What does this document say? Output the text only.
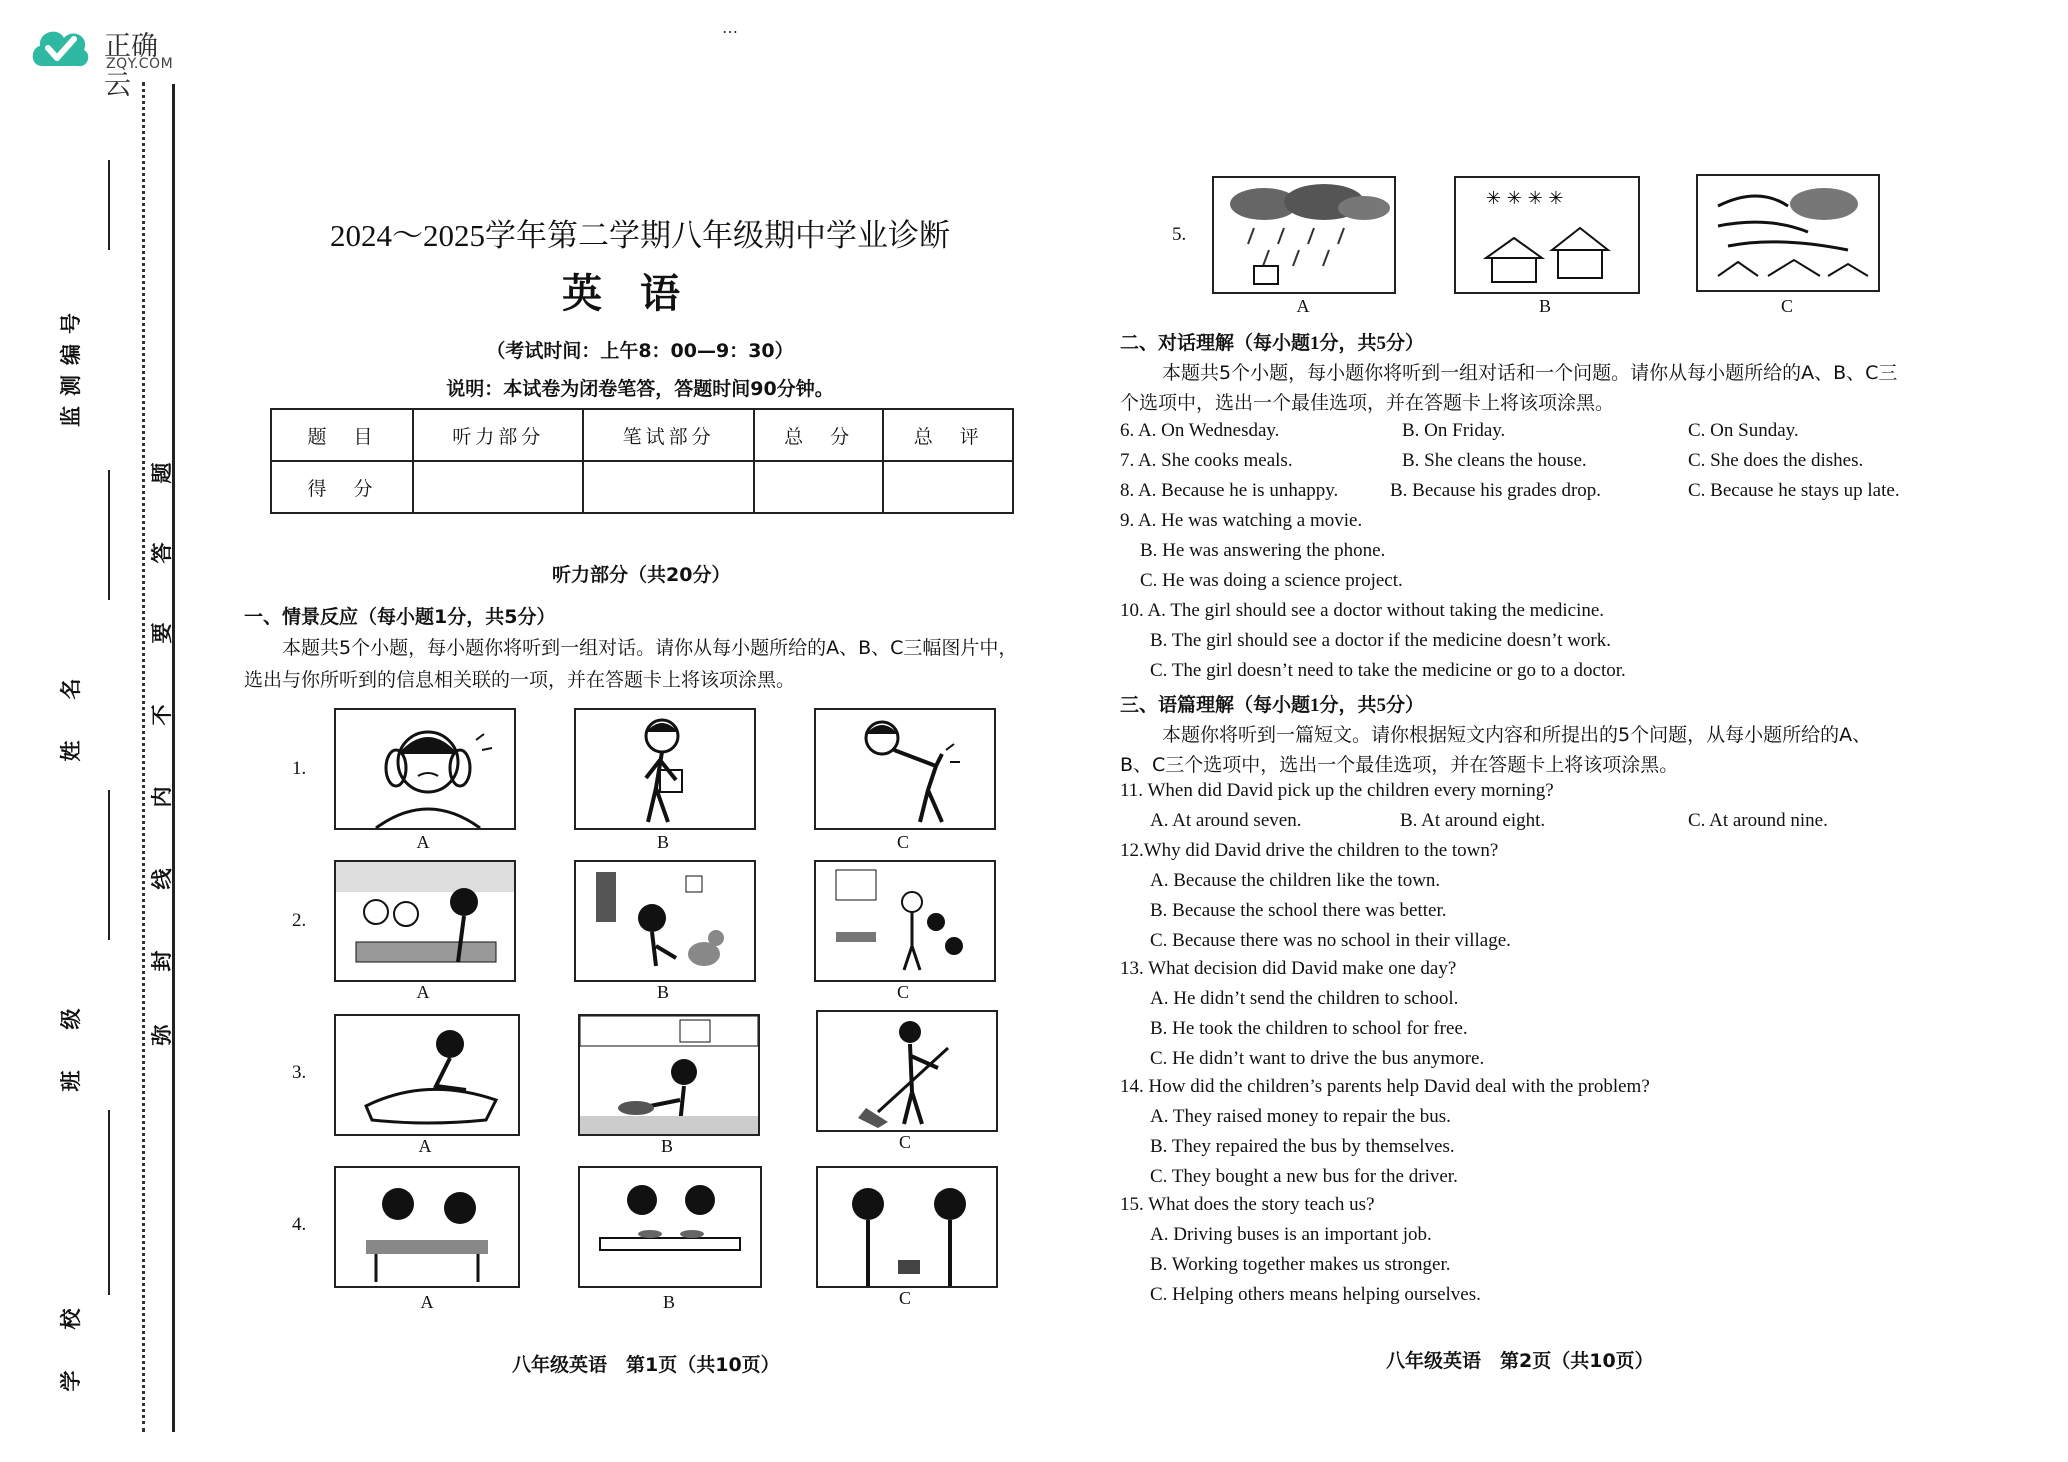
正确云
ZQY.COM
…
监测编号
姓　名
班　级
学　校
题
答
要
不
内
线
封
弥
2024～2025学年第二学期八年级期中学业诊断
英语
（考试时间：上午8：00—9：30）
说明：本试卷为闭卷笔答，答题时间90分钟。
题　目	听力部分	笔试部分	总　分	总　评
得　分				
听力部分（共20分）
一、情景反应（每小题1分，共5分）
本题共5个小题，每小题你将听到一组对话。请你从每小题所给的A、B、C三幅图片中，
选出与你所听到的信息相关联的一项，并在答题卡上将该项涂黑。
1.
A	B	C
2.
A	B	C
3.
A	B	C
4.
A	B	C
八年级英语　第1页（共10页）
5.
A
✳ ✳ ✳ ✳
B	C
二、对话理解（每小题1分，共5分）
本题共5个小题，每小题你将听到一组对话和一个问题。请你从每小题所给的A、B、C三
个选项中，选出一个最佳选项，并在答题卡上将该项涂黑。
6. A. On Wednesday.	B. On Friday.	C. On Sunday.
7. A. She cooks meals.	B. She cleans the house.	C. She does the dishes.
8. A. Because he is unhappy.	B. Because his grades drop.	C. Because he stays up late.
9. A. He was watching a movie.
B. He was answering the phone.
C. He was doing a science project.
10. A. The girl should see a doctor without taking the medicine.
B. The girl should see a doctor if the medicine doesn’t work.
C. The girl doesn’t need to take the medicine or go to a doctor.
三、语篇理解（每小题1分，共5分）
本题你将听到一篇短文。请你根据短文内容和所提出的5个问题，从每小题所给的A、
B、C三个选项中，选出一个最佳选项，并在答题卡上将该项涂黑。
11. When did David pick up the children every morning?
A. At around seven.	B. At around eight.	C. At around nine.
12.Why did David drive the children to the town?
A. Because the children like the town.
B. Because the school there was better.
C. Because there was no school in their village.
13. What decision did David make one day?
A. He didn’t send the children to school.
B. He took the children to school for free.
C. He didn’t want to drive the bus anymore.
14. How did the children’s parents help David deal with the problem?
A. They raised money to repair the bus.
B. They repaired the bus by themselves.
C. They bought a new bus for the driver.
15. What does the story teach us?
A. Driving buses is an important job.
B. Working together makes us stronger.
C. Helping others means helping ourselves.
八年级英语　第2页（共10页）
